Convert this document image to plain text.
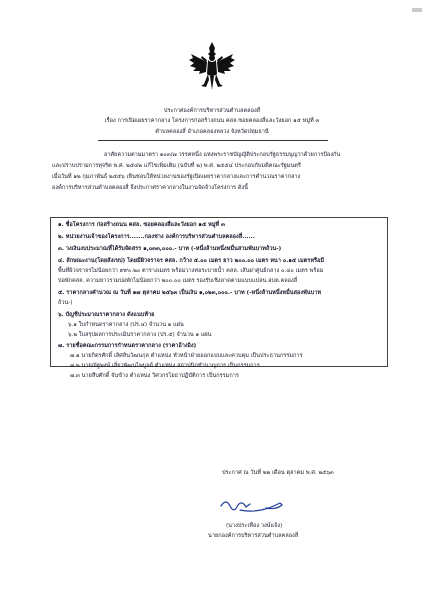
ประกาศองค์การบริหารส่วนตำบลคลองสี่
เรื่อง การเปิดเผยราคากลาง โครงการก่อสร้างถนน คสล.ซอยคลองสี่และวังยอก ๑๕ หมู่ที่ ๓
ตำบลคลองสี่ อำเภอคลองหลวง จังหวัดปทุมธานี
อาศัยความตามมาตรา ๑๐๓/๗ วรรคหนึ่ง แห่งพระราชบัญญัติประกอบรัฐธรรมนูญว่าด้วยการป้องกัน
และปราบปรามการทุจริต พ.ศ. ๒๕๔๒ แก้ไขเพิ่มเติม (ฉบับที่ ๒) พ.ศ. ๒๕๕๔ ประกอบกับมติคณะรัฐมนตรี
เมื่อวันที่ ๑๒ กุมภาพันธ์ ๒๕๕๖ เห็นชอบให้หน่วยงานของรัฐเปิดเผยราคากลางและการคำนวณราคากลาง
องค์การบริหารส่วนตำบลคลองสี่ จึงประกาศราคากลางในงานจัดจ้างโครงการ ดังนี้
๑. ชื่อโครงการ ก่อสร้างถนน คสล. ซอยคลองสี่และวังยอก ๑๕ หมู่ที่ ๓
๒. หน่วยงานเจ้าของโครงการ.......กองช่าง องค์การบริหารส่วนตำบลคลองสี่......
๓. วงเงินงบประมาณที่ได้รับจัดสรร ๑,๐๓๓,๐๐๐.- บาท (-หนึ่งล้านหนึ่งหมื่นสามพันบาทถ้วน-)
๔. ลักษณะงาน(โดยสังเขป) โดยมีผิวจราจร คสล. กว้าง ๕.๐๐ เมตร ยาว ๒๐๐.๐๐ เมตร หนา ๐.๑๕ เมตรหรือมี
พื้นที่ผิวจราจรไม่น้อยกว่า ๙๙๐.๒๐ ตารางเมตร พร้อมวางท่อระบายน้ำ คสล. เส้นผ่าศูนย์กลาง ๐.๔๐ เมตร พร้อม
บ่อพักคสล. ความยาวรวมบ่อพักไม่น้อยกว่า ๒๐๐.๐๐ เมตร รองรับเชิงลาดตามแบบแปลน อบต.คลองสี่
๕. ราคากลางคำนวณ ณ วันที่ ๑๗ ตุลาคม ๒๕๖๓ เป็นเงิน ๑,๐๒๓,๐๐๐.- บาท (-หนึ่งล้านหนึ่งหมื่นสองพันบาท
ถ้วน-)
๖. บัญชีประมาณราคากลาง ดังแนบท้าย
๖.๑ ใบกำหนดราคากลาง (ปร.๔) จำนวน ๑ แผ่น
๖.๒ ใบสรุปผลการประเมินราคากลาง (ปร.๕) จำนวน ๑ แผ่น
๗. รายชื่อคณะกรรมการกำหนดราคากลาง (ราคาอ้างอิง)
๗.๑ นายกิตรศักดิ์ เลิศสินวัฒนกุล ตำแหน่ง หัวหน้าฝ่ายออกแบบและควบคุม เป็นประธานกรรมการ
๗.๒ นายณัฐพงษ์ เลี่ยวพัฒนไพบูลย์ ตำแหน่ง สถาปนิกชำนาญการ เป็นกรรมการ
๗.๓ นายสืบศักดิ์ จันข้าง ตำแหน่ง วิศวกรโยธาปฏิบัติการ เป็นกรรมการ
ประกาศ ณ วันที่ ๒๒ เดือน ตุลาคม พ.ศ. ๒๕๖๓
(นางประเทือง วงษ์แจ้ง)
นายกองค์การบริหารส่วนตำบลคลองสี่
